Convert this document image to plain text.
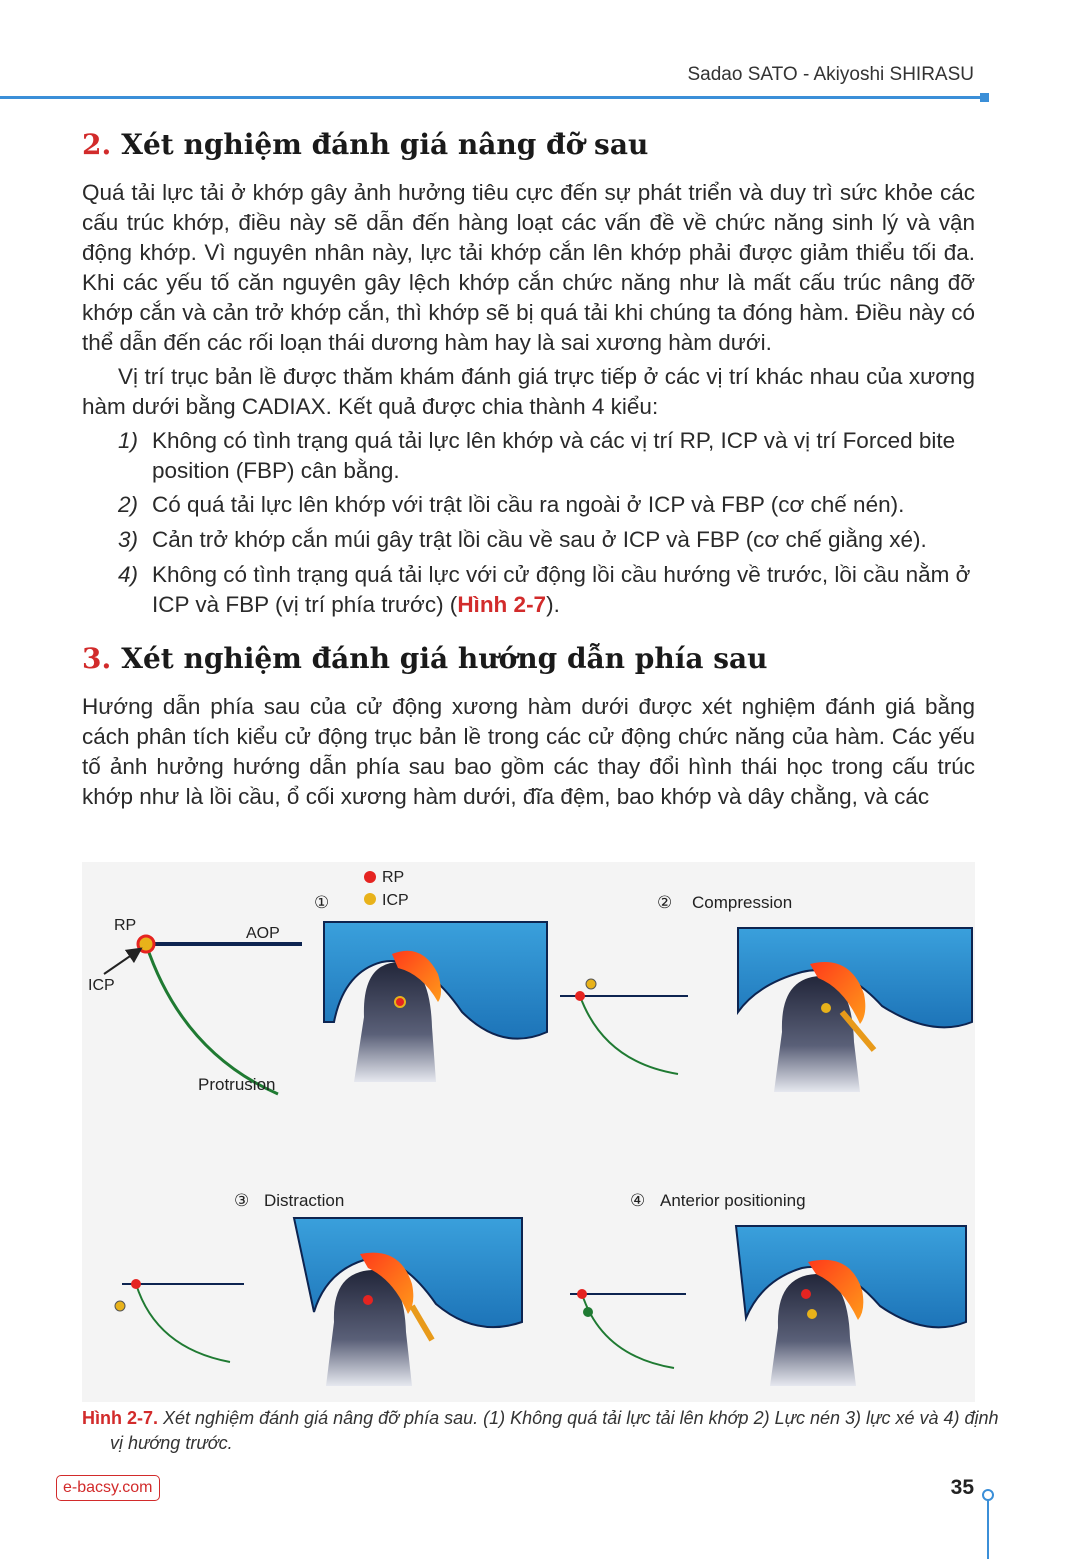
Sadao SATO - Akiyoshi SHIRASU
2. Xét nghiệm đánh giá nâng đỡ sau

Quá tải lực tải ở khớp gây ảnh hưởng tiêu cực đến sự phát triển và duy trì sức khỏe các cấu trúc khớp, điều này sẽ dẫn đến hàng loạt các vấn đề về chức năng sinh lý và vận động khớp. Vì nguyên nhân này, lực tải khớp cắn lên khớp phải được giảm thiểu tối đa. Khi các yếu tố căn nguyên gây lệch khớp cắn chức năng như là mất cấu trúc nâng đỡ khớp cắn và cản trở khớp cắn, thì khớp sẽ bị quá tải khi chúng ta đóng hàm. Điều này có thể dẫn đến các rối loạn thái dương hàm hay là sai xương hàm dưới.

Vị trí trục bản lề được thăm khám đánh giá trực tiếp ở các vị trí khác nhau của xương hàm dưới bằng CADIAX. Kết quả được chia thành 4 kiểu:

1) Không có tình trạng quá tải lực lên khớp và các vị trí RP, ICP và vị trí Forced bite position (FBP) cân bằng.

2) Có quá tải lực lên khớp với trật lồi cầu ra ngoài ở ICP và FBP (cơ chế nén).

3) Cản trở khớp cắn múi gây trật lồi cầu về sau ở ICP và FBP (cơ chế giằng xé).

4) Không có tình trạng quá tải lực với cử động lồi cầu hướng về trước, lồi cầu nằm ở ICP và FBP (vị trí phía trước) (Hình 2-7).

3. Xét nghiệm đánh giá hướng dẫn phía sau

Hướng dẫn phía sau của cử động xương hàm dưới được xét nghiệm đánh giá bằng cách phân tích kiểu cử động trục bản lề trong các cử động chức năng của hàm. Các yếu tố ảnh hưởng hướng dẫn phía sau bao gồm các thay đổi hình thái học trong cấu trúc khớp như là lồi cầu, ổ cối xương hàm dưới, đĩa đệm, bao khớp và dây chằng, và các

RP	AOP
ICP
Protrusion
RP
ICP
①	② Compression
③ Distraction	④ Anterior positioning

Hình 2-7. Xét nghiệm đánh giá nâng đỡ phía sau. (1) Không quá tải lực tải lên khớp 2) Lực nén 3) lực xé và 4) định vị hướng trước.

e-bacsy.com	35
